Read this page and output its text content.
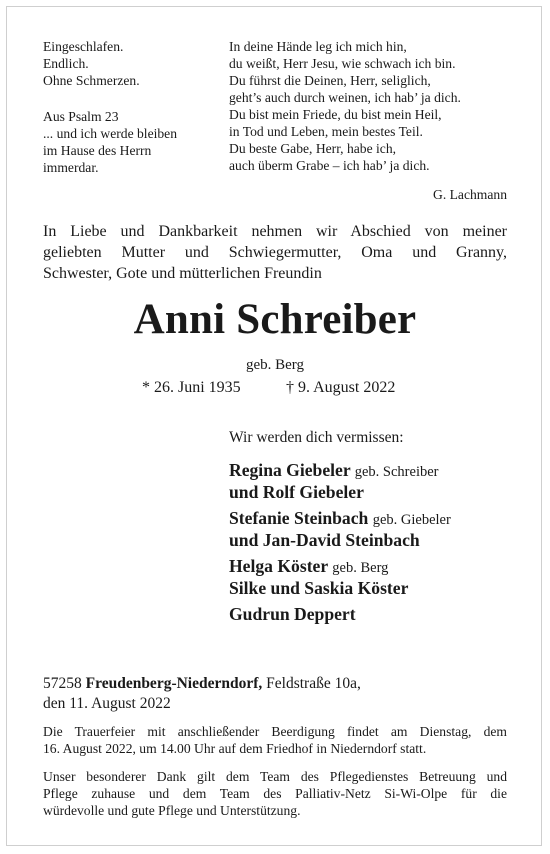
Eingeschlafen.
Endlich.
Ohne Schmerzen.
Aus Psalm 23
... und ich werde bleiben
im Hause des Herrn
immerdar.
In deine Hände leg ich mich hin,
du weißt, Herr Jesu, wie schwach ich bin.
Du führst die Deinen, Herr, seliglich,
geht’s auch durch weinen, ich hab’ ja dich.
Du bist mein Friede, du bist mein Heil,
in Tod und Leben, mein bestes Teil.
Du beste Gabe, Herr, habe ich,
auch überm Grabe – ich hab’ ja dich.
G. Lachmann
In Liebe und Dankbarkeit nehmen wir Abschied von meiner
geliebten Mutter und Schwiegermutter, Oma und Granny,
Schwester, Gote und mütterlichen Freundin
Anni Schreiber
geb. Berg
* 26. Juni 1935	† 9. August 2022
Wir werden dich vermissen:
Regina Giebeler geb. Schreiber
und Rolf Giebeler
Stefanie Steinbach geb. Giebeler
und Jan-David Steinbach
Helga Köster geb. Berg
Silke und Saskia Köster
Gudrun Deppert
57258 Freudenberg-Niederndorf, Feldstraße 10a,
den 11. August 2022
Die Trauerfeier mit anschließender Beerdigung findet am Dienstag, dem
16. August 2022, um 14.00 Uhr auf dem Friedhof in Niederndorf statt.
Unser besonderer Dank gilt dem Team des Pflegedienstes Betreuung und
Pflege zuhause und dem Team des Palliativ-Netz Si-Wi-Olpe für die
würdevolle und gute Pflege und Unterstützung.
